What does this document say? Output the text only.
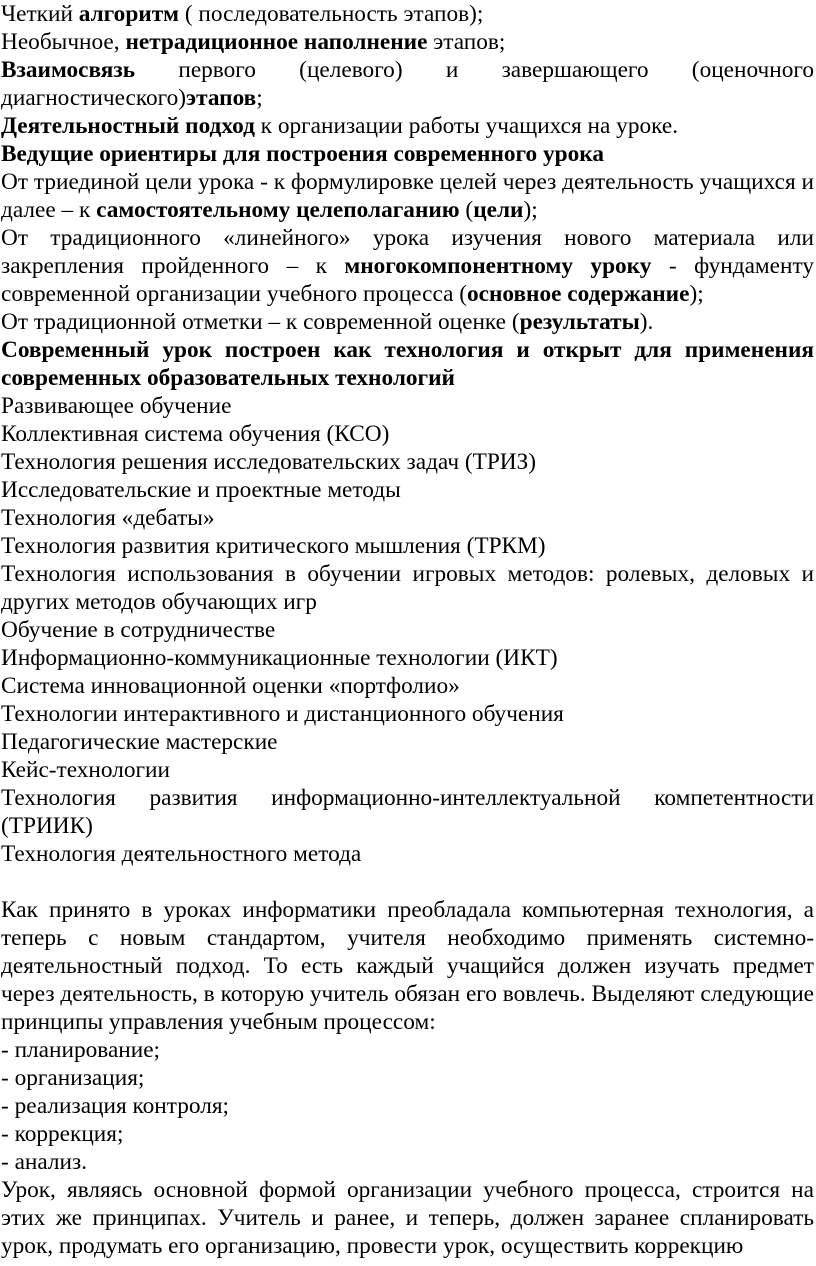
Четкий алгоритм ( последовательность этапов);

Необычное, нетрадиционное наполнение этапов;

Взаимосвязь первого (целевого) и завершающего (оценочного диагностического)этапов;

Деятельностный подход к организации работы учащихся на уроке.

Ведущие ориентиры для построения современного урока

От триединой цели урока - к формулировке целей через деятельность учащихся и далее – к самостоятельному целеполаганию (цели);

От традиционного «линейного» урока изучения нового материала или закрепления пройденного – к многокомпонентному уроку - фундаменту современной организации учебного процесса (основное содержание);

От традиционной отметки – к современной оценке (результаты).

Современный урок построен как технология и открыт для применения современных образовательных технологий

Развивающее обучение

Коллективная система обучения (КСО)

Технология решения исследовательских задач (ТРИЗ)

Исследовательские и проектные методы

Технология «дебаты»

Технология развития критического мышления (ТРКМ)

Технология использования в обучении игровых методов: ролевых, деловых и других методов обучающих игр

Обучение в сотрудничестве

Информационно-коммуникационные технологии (ИКТ)

Система инновационной оценки «портфолио»

Технологии интерактивного и дистанционного обучения

Педагогические мастерские

Кейс-технологии

Технология развития информационно-интеллектуальной компетентности (ТРИИК)

Технология деятельностного метода

Как принято в уроках информатики преобладала компьютерная технология, а теперь с новым стандартом, учителя необходимо применять системно-деятельностный подход. То есть каждый учащийся должен изучать предмет через деятельность, в которую учитель обязан его вовлечь. Выделяют следующие принципы управления учебным процессом:

- планирование;

- организация;

- реализация контроля;

- коррекция;

- анализ.

Урок, являясь основной формой организации учебного процесса, строится на этих же принципах. Учитель и ранее, и теперь, должен заранее спланировать урок, продумать его организацию, провести урок, осуществить коррекцию
